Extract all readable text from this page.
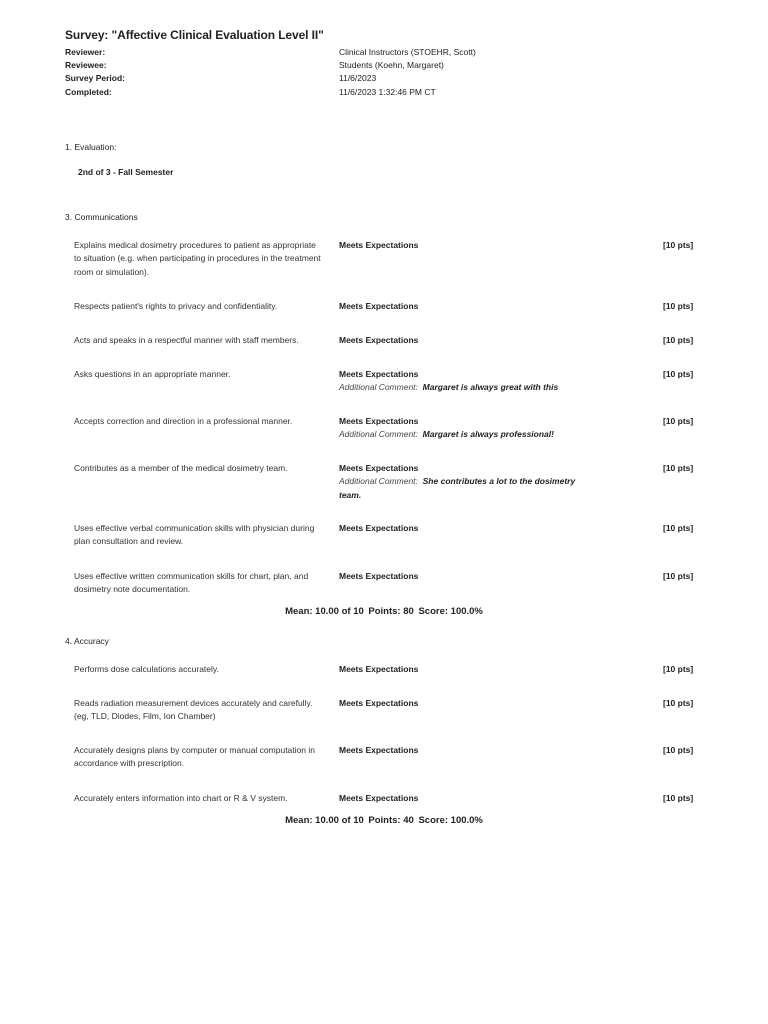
Survey: "Affective Clinical Evaluation Level II"
Reviewer:	Clinical Instructors (STOEHR, Scott)
Reviewee:	Students (Koehn, Margaret)
Survey Period:	11/6/2023
Completed:	11/6/2023 1:32:46 PM CT
1. Evaluation:
2nd of 3 - Fall Semester
3. Communications
Explains medical dosimetry procedures to patient as appropriate to situation (e.g. when participating in procedures in the treatment room or simulation).
Meets Expectations	[10 pts]
Respects patient's rights to privacy and confidentiality.	Meets Expectations	[10 pts]
Acts and speaks in a respectful manner with staff members.	Meets Expectations	[10 pts]
Asks questions in an appropriate manner.	Meets Expectations
Additional Comment: Margaret is always great with this
[10 pts]
Accepts correction and direction in a professional manner.	Meets Expectations
Additional Comment: Margaret is always professional!
[10 pts]
Contributes as a member of the medical dosimetry team.	Meets Expectations
Additional Comment: She contributes a lot to the dosimetry team.
[10 pts]
Uses effective verbal communication skills with physician during plan consultation and review.
Meets Expectations	[10 pts]
Uses effective written communication skills for chart, plan, and dosimetry note documentation.
Meets Expectations	[10 pts]
Mean: 10.00 of 10 Points: 80 Score: 100.0%
4. Accuracy
Performs dose calculations accurately.	Meets Expectations	[10 pts]
Reads radiation measurement devices accurately and carefully. (eg, TLD, Diodes, Film, Ion Chamber)
Meets Expectations	[10 pts]
Accurately designs plans by computer or manual computation in accordance with prescription.
Meets Expectations	[10 pts]
Accurately enters information into chart or R & V system.	Meets Expectations	[10 pts]
Mean: 10.00 of 10 Points: 40 Score: 100.0%
